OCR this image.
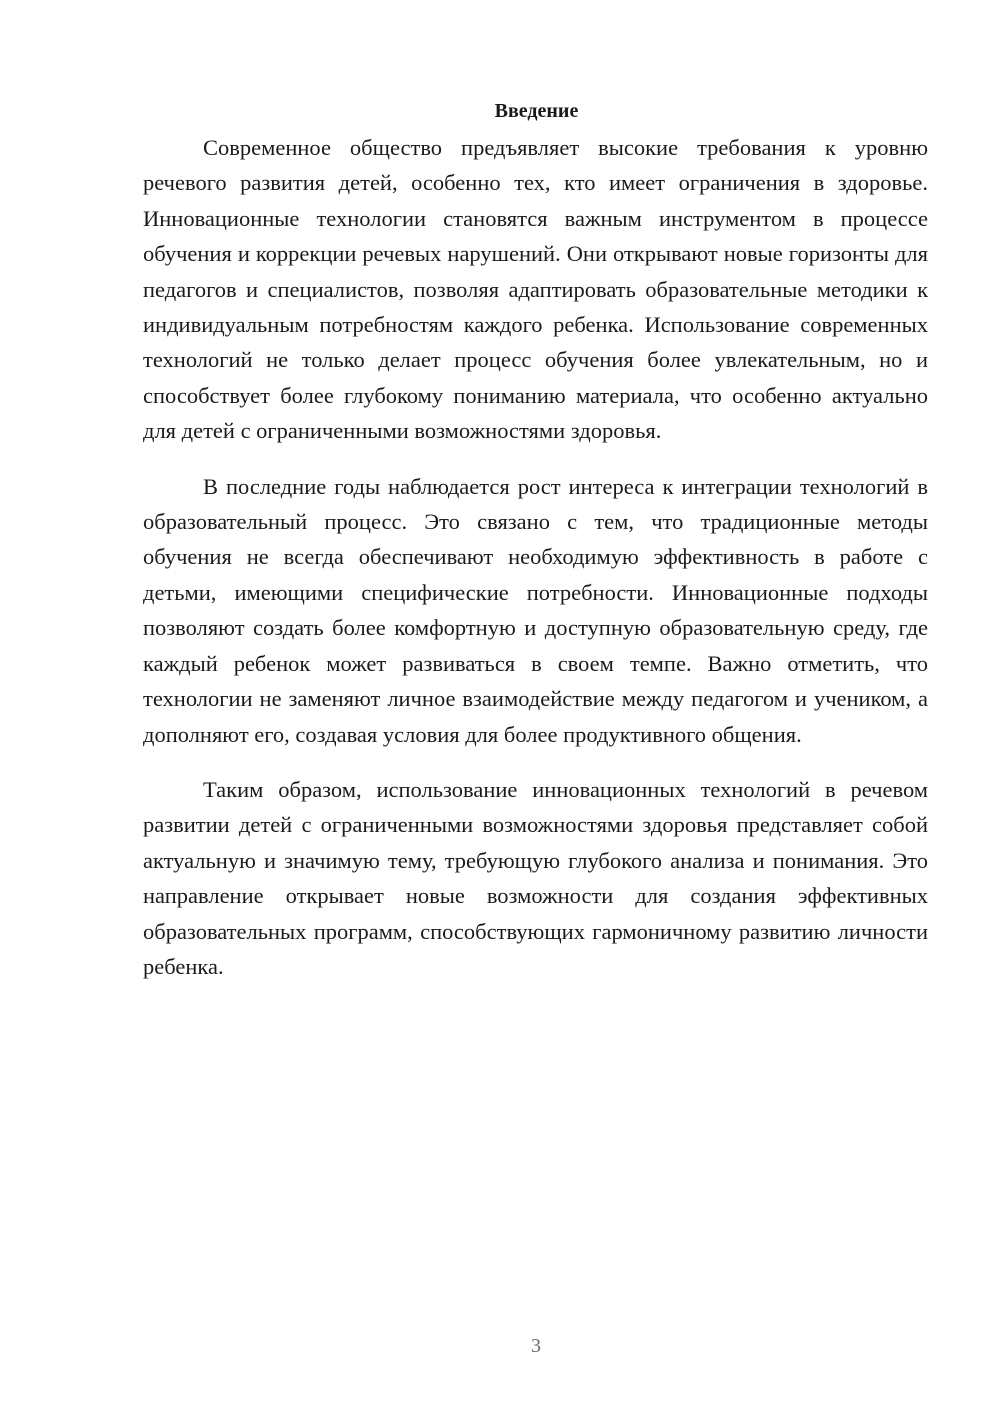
Введение

Современное общество предъявляет высокие требования к уровню речевого развития детей, особенно тех, кто имеет ограничения в здоровье. Инновационные технологии становятся важным инструментом в процессе обучения и коррекции речевых нарушений. Они открывают новые горизонты для педагогов и специалистов, позволяя адаптировать образовательные методики к индивидуальным потребностям каждого ребенка. Использование современных технологий не только делает процесс обучения более увлекательным, но и способствует более глубокому пониманию материала, что особенно актуально для детей с ограниченными возможностями здоровья.

В последние годы наблюдается рост интереса к интеграции технологий в образовательный процесс. Это связано с тем, что традиционные методы обучения не всегда обеспечивают необходимую эффективность в работе с детьми, имеющими специфические потребности. Инновационные подходы позволяют создать более комфортную и доступную образовательную среду, где каждый ребенок может развиваться в своем темпе. Важно отметить, что технологии не заменяют личное взаимодействие между педагогом и учеником, а дополняют его, создавая условия для более продуктивного общения.

Таким образом, использование инновационных технологий в речевом развитии детей с ограниченными возможностями здоровья представляет собой актуальную и значимую тему, требующую глубокого анализа и понимания. Это направление открывает новые возможности для создания эффективных образовательных программ, способствующих гармоничному развитию личности ребенка.

3
